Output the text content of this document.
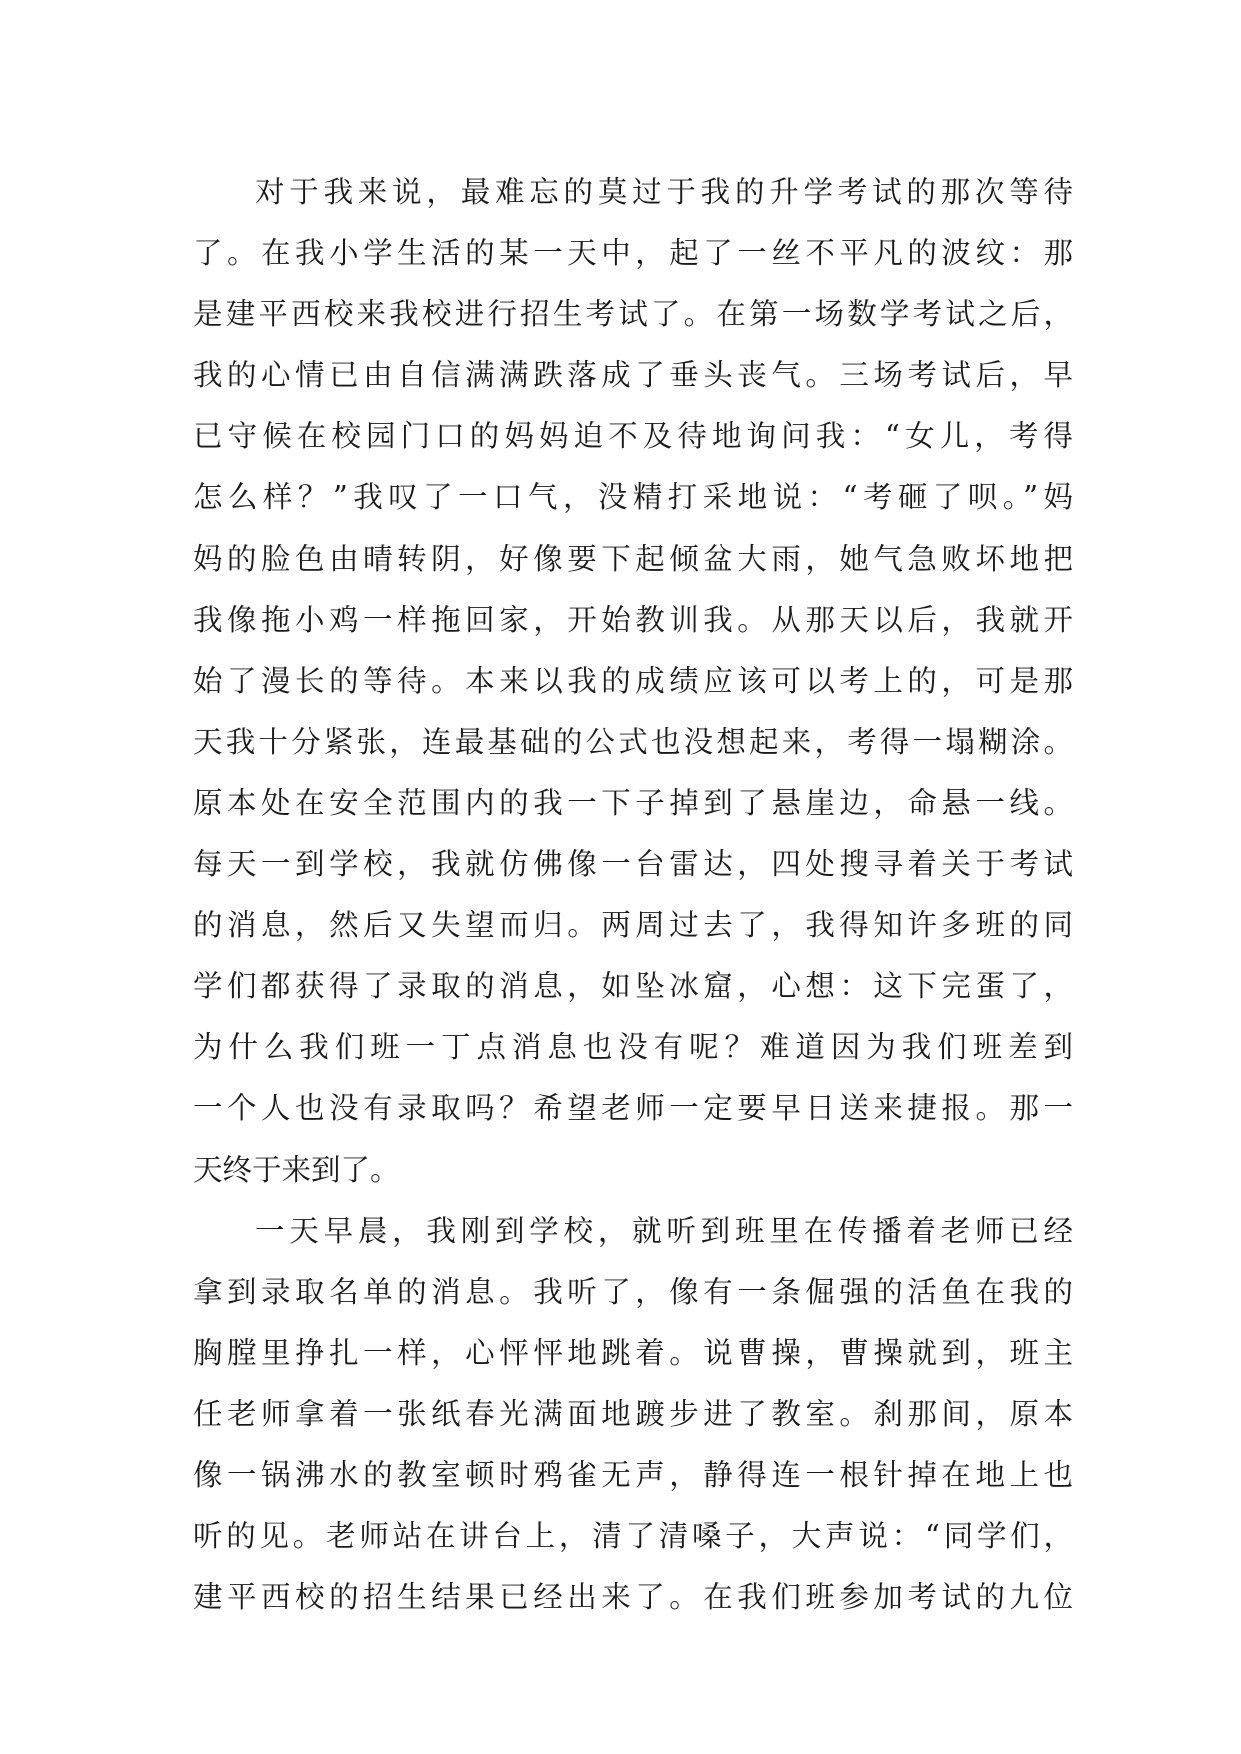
对于我来说，最难忘的莫过于我的升学考试的那次等待
了。在我小学生活的某一天中，起了一丝不平凡的波纹：那
是建平西校来我校进行招生考试了。在第一场数学考试之后，
我的心情已由自信满满跌落成了垂头丧气。三场考试后，早
已守候在校园门口的妈妈迫不及待地询问我：“女儿，考得
怎么样？”我叹了一口气，没精打采地说：“考砸了呗。”妈
妈的脸色由晴转阴，好像要下起倾盆大雨，她气急败坏地把
我像拖小鸡一样拖回家，开始教训我。从那天以后，我就开
始了漫长的等待。本来以我的成绩应该可以考上的，可是那
天我十分紧张，连最基础的公式也没想起来，考得一塌糊涂。
原本处在安全范围内的我一下子掉到了悬崖边，命悬一线。
每天一到学校，我就仿佛像一台雷达，四处搜寻着关于考试
的消息，然后又失望而归。两周过去了，我得知许多班的同
学们都获得了录取的消息，如坠冰窟，心想：这下完蛋了，
为什么我们班一丁点消息也没有呢？难道因为我们班差到
一个人也没有录取吗？希望老师一定要早日送来捷报。那一
天终于来到了。
一天早晨，我刚到学校，就听到班里在传播着老师已经
拿到录取名单的消息。我听了，像有一条倔强的活鱼在我的
胸膛里挣扎一样，心怦怦地跳着。说曹操，曹操就到，班主
任老师拿着一张纸春光满面地踱步进了教室。刹那间，原本
像一锅沸水的教室顿时鸦雀无声，静得连一根针掉在地上也
听的见。老师站在讲台上，清了清嗓子，大声说：“同学们，
建平西校的招生结果已经出来了。在我们班参加考试的九位
